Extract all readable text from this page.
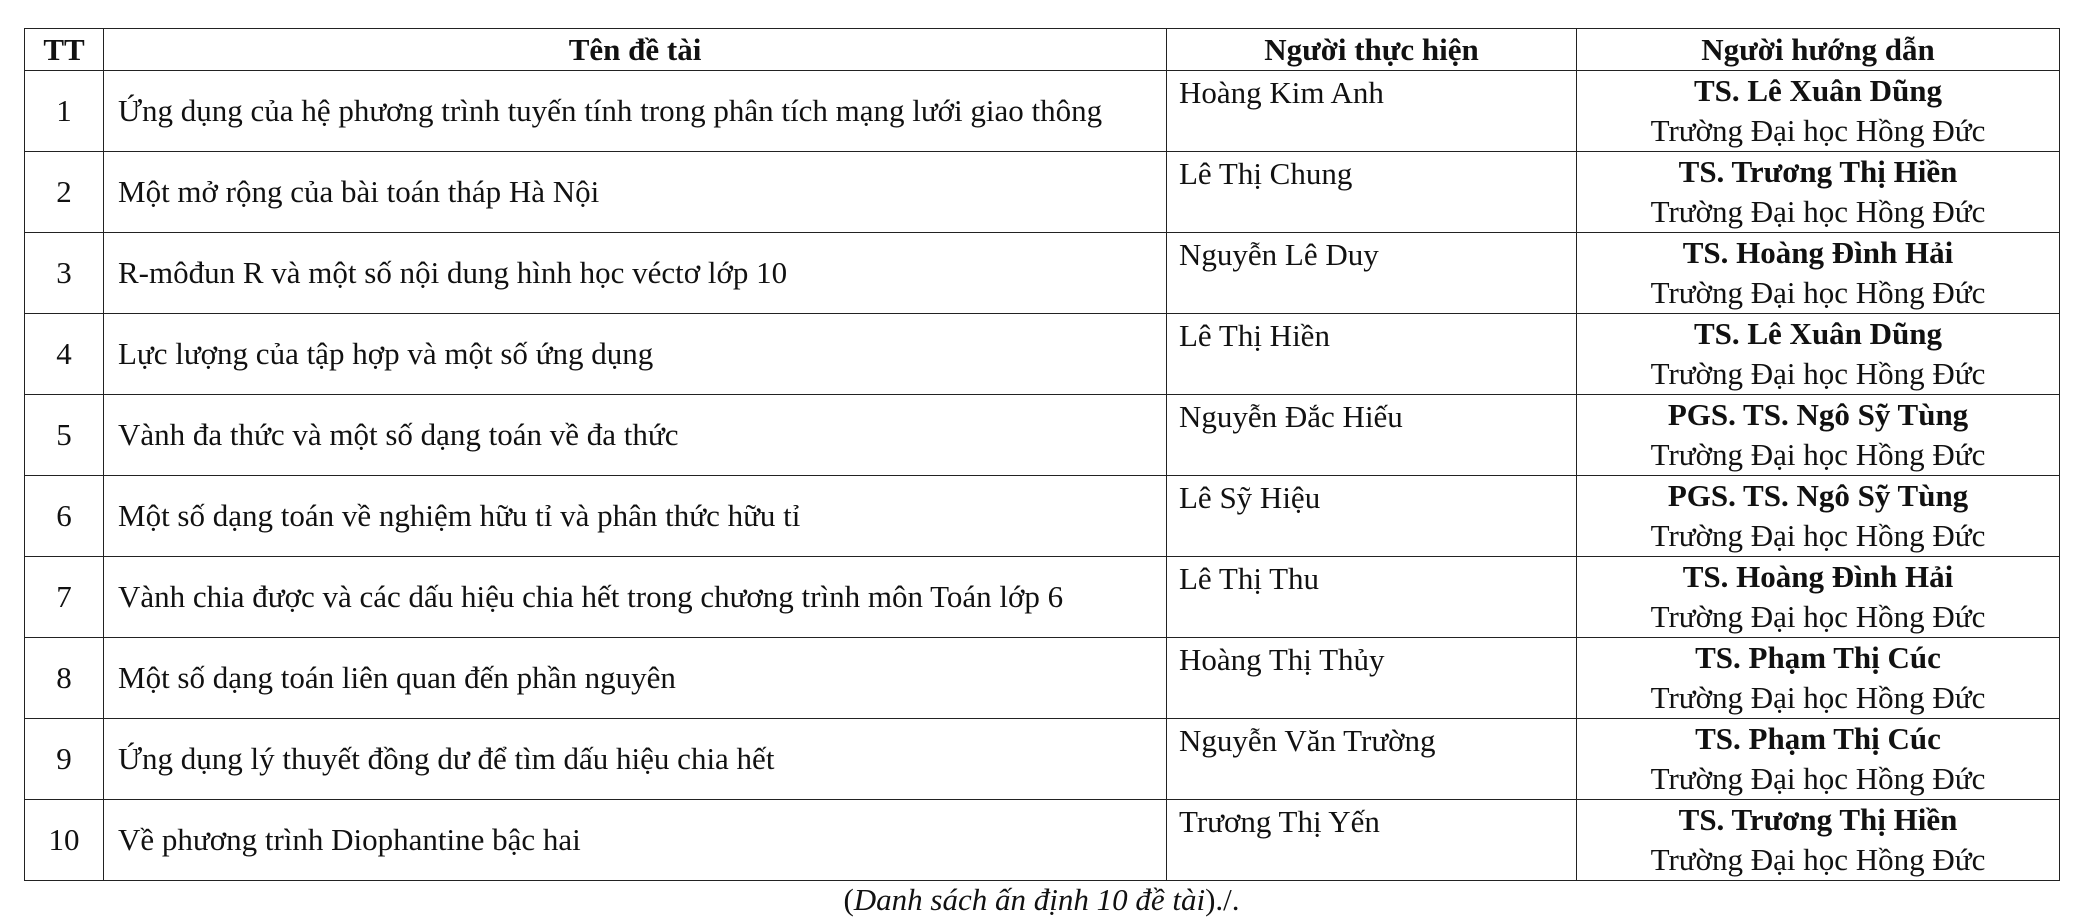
TT	Tên đề tài	Người thực hiện	Người hướng dẫn
1	Ứng dụng của hệ phương trình tuyến tính trong phân tích mạng lưới giao thông	Hoàng Kim Anh	TS. Lê Xuân Dũng
Trường Đại học Hồng Đức

2	Một mở rộng của bài toán tháp Hà Nội	Lê Thị Chung	TS. Trương Thị Hiền
Trường Đại học Hồng Đức

3	R-môđun R và một số nội dung hình học véctơ lớp 10	Nguyễn Lê Duy	TS. Hoàng Đình Hải
Trường Đại học Hồng Đức

4	Lực lượng của tập hợp và một số ứng dụng	Lê Thị Hiền	TS. Lê Xuân Dũng
Trường Đại học Hồng Đức

5	Vành đa thức và một số dạng toán về đa thức	Nguyễn Đắc Hiếu	PGS. TS. Ngô Sỹ Tùng
Trường Đại học Hồng Đức

6	Một số dạng toán về nghiệm hữu tỉ và phân thức hữu tỉ	Lê Sỹ Hiệu	PGS. TS. Ngô Sỹ Tùng
Trường Đại học Hồng Đức

7	Vành chia được và các dấu hiệu chia hết trong chương trình môn Toán lớp 6	Lê Thị Thu	TS. Hoàng Đình Hải
Trường Đại học Hồng Đức

8	Một số dạng toán liên quan đến phần nguyên	Hoàng Thị Thủy	TS. Phạm Thị Cúc
Trường Đại học Hồng Đức

9	Ứng dụng lý thuyết đồng dư để tìm dấu hiệu chia hết	Nguyễn Văn Trường	TS. Phạm Thị Cúc
Trường Đại học Hồng Đức

10	Về phương trình Diophantine bậc hai	Trương Thị Yến	TS. Trương Thị Hiền
Trường Đại học Hồng Đức
(Danh sách ấn định 10 đề tài)./.
